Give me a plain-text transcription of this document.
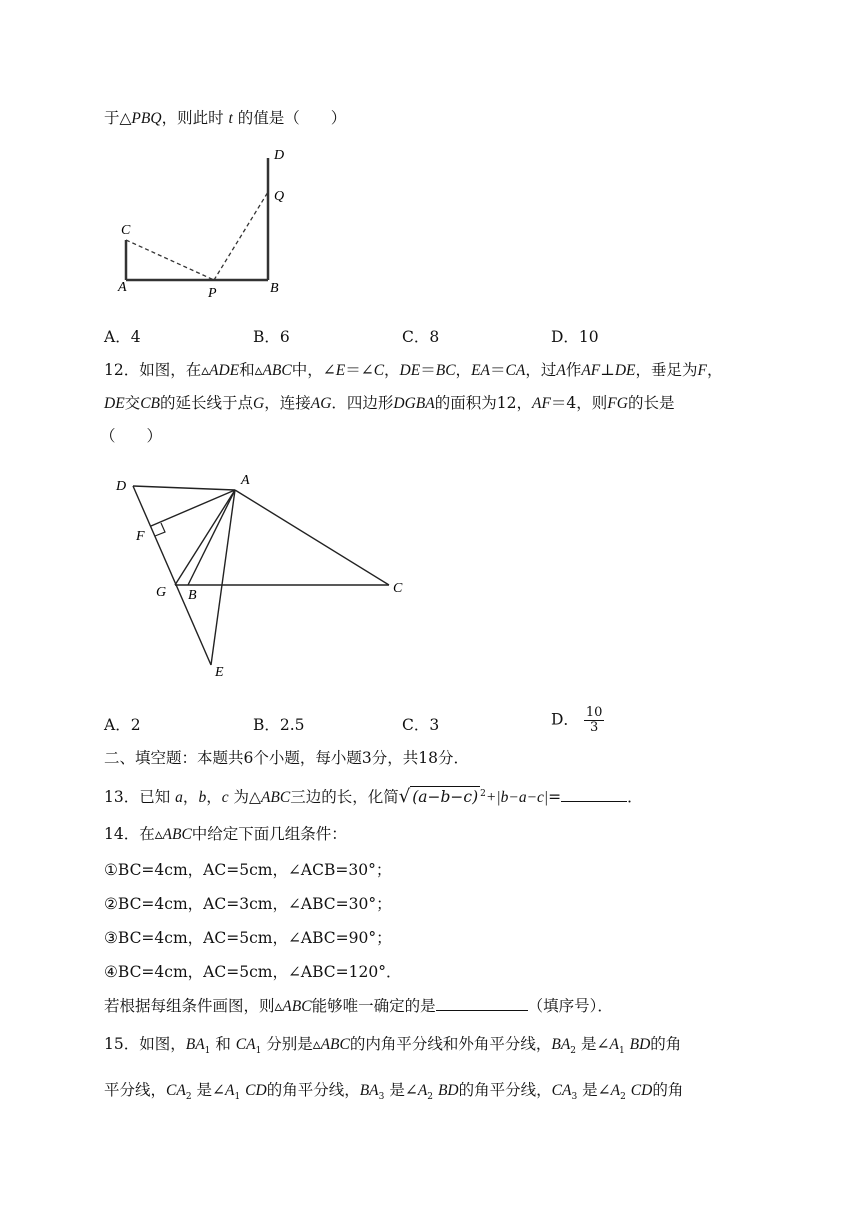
于△PBQ，则此时 t 的值是（　　）
A	B
C
D
P
Q
A．4	B．6	C．8	D．10
12．如图，在▵ADE和▵ABC中，∠E＝∠C，DE＝BC，EA＝CA，过A作AF⊥DE，垂足为F，
DE交CB的延长线于点G，连接AG．四边形DGBA的面积为12，AF＝4，则FG的长是
（　　）
D	A
F
G B	C
E
A．2	B．2.5	C．3	D． $\frac{10}{3}$
二、填空题：本题共6个小题，每小题3分，共18分．
13．已知 a，b，c 为△ABC三边的长，化简√ (a−b−c) $^2$+|b−a−c|=	．
14．在▵ABC中给定下面几组条件：
①BC=4cm，AC=5cm，∠ACB=30°；
②BC=4cm，AC=3cm，∠ABC=30°；
③BC=4cm，AC=5cm，∠ABC=90°；
④BC=4cm，AC=5cm，∠ABC=120°．
若根据每组条件画图，则▵ABC能够唯一确定的是	（填序号）．
15．如图，$BA_1$ 和 $CA_1$ 分别是▵ABC的内角平分线和外角平分线，$BA_2$ 是$\angle A_1$ BD的角
平分线，$CA_2$ 是$\angle A_1$ CD的角平分线，$BA_3$ 是$\angle A_2$ BD的角平分线，$CA_3$ 是$\angle A_2$ CD的角
